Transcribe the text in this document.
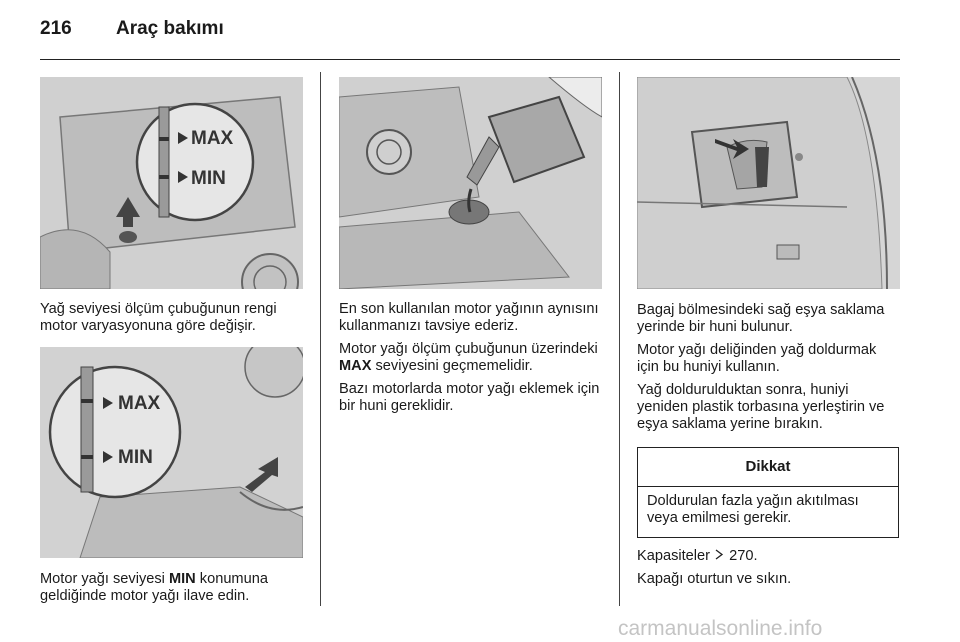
216 Araç bakımı
MAX
MIN

Yağ seviyesi ölçüm çubuğunun rengi motor varyasyonuna göre değişir.

MAX
MIN

Motor yağı seviyesi MIN konumuna geldiğinde motor yağı ilave edin.

En son kullanılan motor yağının aynısını kullanmanızı tavsiye ederiz.

Motor yağı ölçüm çubuğunun üzerindeki MAX seviyesini geçmemelidir.

Bazı motorlarda motor yağı eklemek için bir huni gereklidir.

Bagaj bölmesindeki sağ eşya saklama yerinde bir huni bulunur.

Motor yağı deliğinden yağ doldurmak için bu huniyi kullanın.

Yağ doldurulduktan sonra, huniyi yeniden plastik torbasına yerleştirin ve eşya saklama yerine bırakın.

Dikkat
Doldurulan fazla yağın akıtılması veya emilmesi gerekir.

Kapasiteler  270.

Kapağı oturtun ve sıkın.

carmanualsonline.info
